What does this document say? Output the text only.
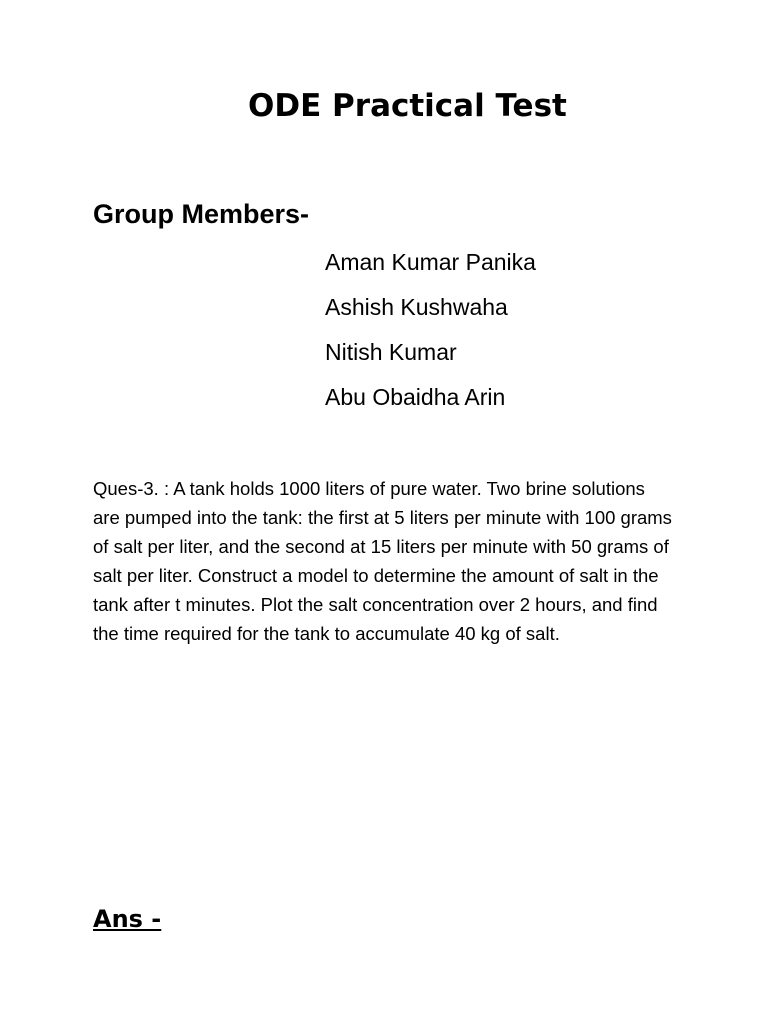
ODE Practical Test
Group Members-
Aman Kumar Panika
Ashish Kushwaha
Nitish Kumar
Abu Obaidha Arin

Ques-3. : A tank holds 1000 liters of pure water. Two brine solutions are pumped into the tank: the first at 5 liters per minute with 100 grams of salt per liter, and the second at 15 liters per minute with 50 grams of salt per liter. Construct a model to determine the amount of salt in the tank after t minutes. Plot the salt concentration over 2 hours, and find the time required for the tank to accumulate 40 kg of salt.

Ans -
